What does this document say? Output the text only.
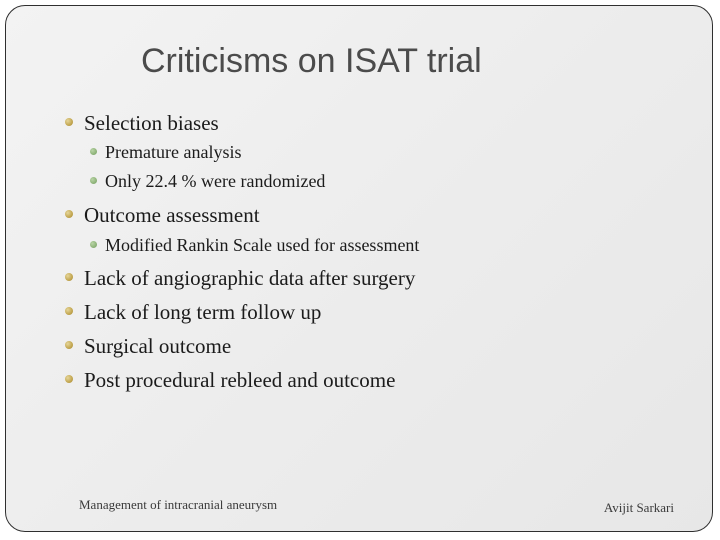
Criticisms on ISAT trial
Selection biases
Premature analysis
Only 22.4 % were randomized
Outcome assessment
Modified Rankin Scale used for assessment
Lack of angiographic data after surgery
Lack of long term follow up
Surgical outcome
Post procedural rebleed and outcome
Management of intracranial aneurysm	Avijit Sarkari
